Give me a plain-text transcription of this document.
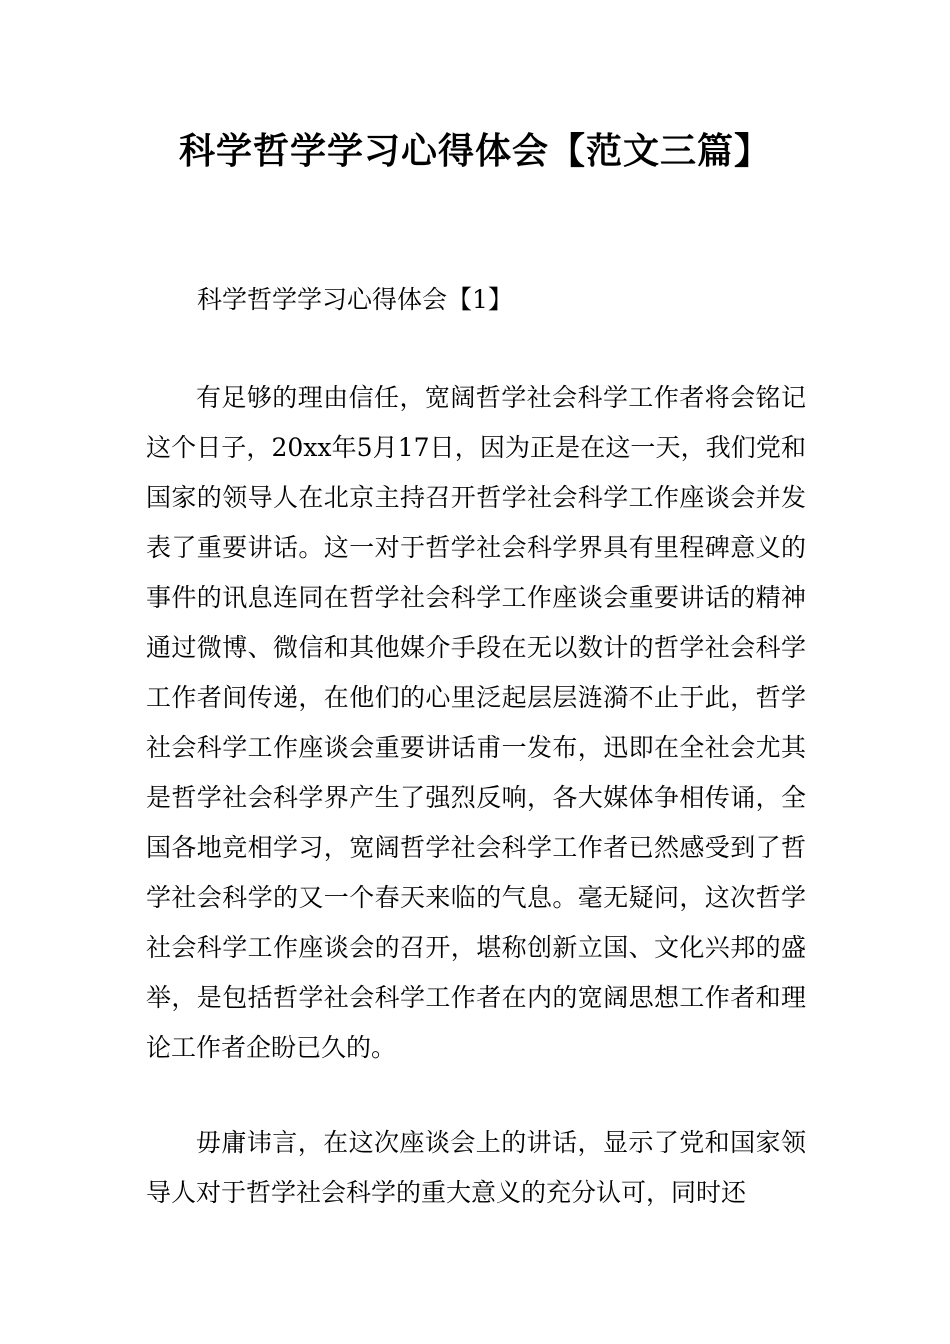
科学哲学学习心得体会【范文三篇】

科学哲学学习心得体会【1】

有足够的理由信任，宽阔哲学社会科学工作者将会铭记这个日子，20xx年5月17日，因为正是在这一天，我们党和国家的领导人在北京主持召开哲学社会科学工作座谈会并发表了重要讲话。这一对于哲学社会科学界具有里程碑意义的事件的讯息连同在哲学社会科学工作座谈会重要讲话的精神通过微博、微信和其他媒介手段在无以数计的哲学社会科学工作者间传递，在他们的心里泛起层层涟漪不止于此，哲学社会科学工作座谈会重要讲话甫一发布，迅即在全社会尤其是哲学社会科学界产生了强烈反响，各大媒体争相传诵，全国各地竞相学习，宽阔哲学社会科学工作者已然感受到了哲学社会科学的又一个春天来临的气息。毫无疑问，这次哲学社会科学工作座谈会的召开，堪称创新立国、文化兴邦的盛举，是包括哲学社会科学工作者在内的宽阔思想工作者和理论工作者企盼已久的。

毋庸讳言，在这次座谈会上的讲话，显示了党和国家领导人对于哲学社会科学的重大意义的充分认可，同时还
